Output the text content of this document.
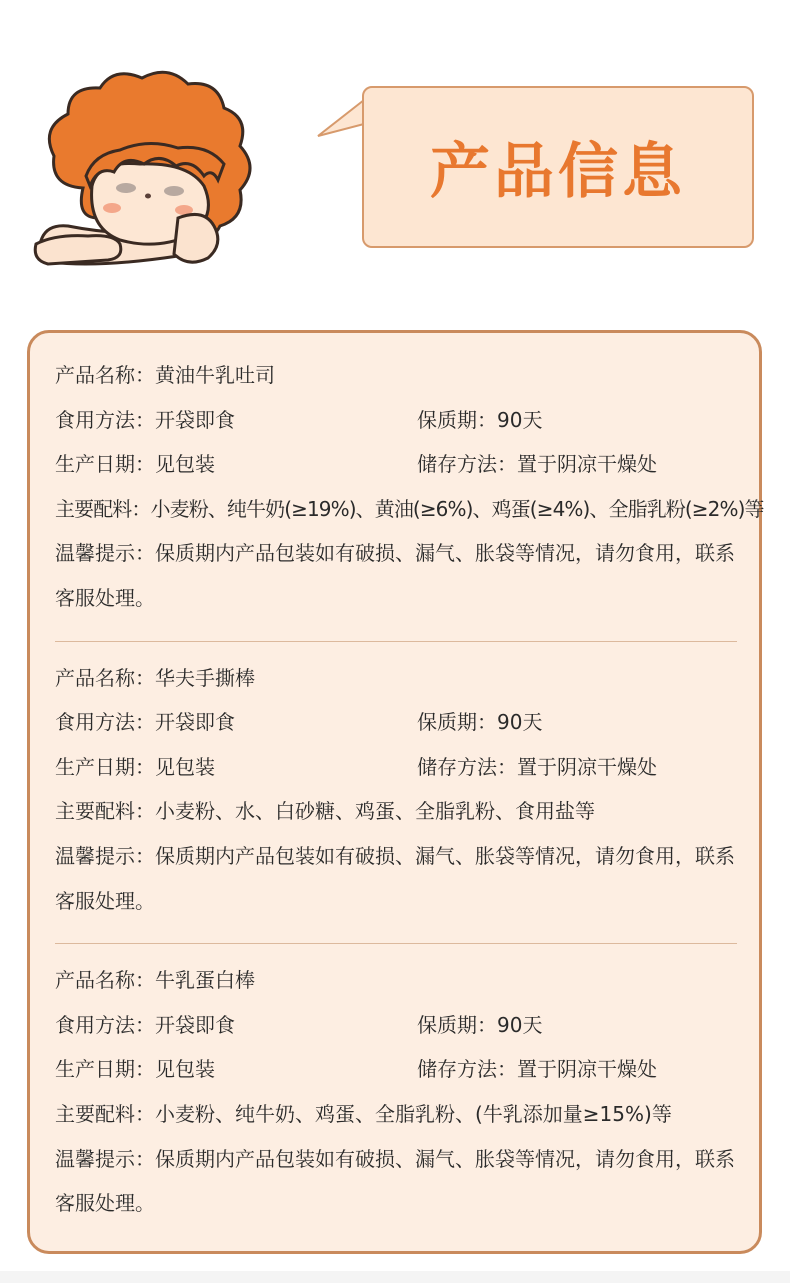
产品信息
产品名称：黄油牛乳吐司
食用方法：开袋即食	保质期：90天
生产日期：见包装	储存方法：置于阴凉干燥处
主要配料：小麦粉、纯牛奶(≥19%)、黄油(≥6%)、鸡蛋(≥4%)、全脂乳粉(≥2%)等
温馨提示：保质期内产品包装如有破损、漏气、胀袋等情况，请勿食用，联系客服处理。
产品名称：华夫手撕棒
食用方法：开袋即食	保质期：90天
生产日期：见包装	储存方法：置于阴凉干燥处
主要配料：小麦粉、水、白砂糖、鸡蛋、全脂乳粉、食用盐等
温馨提示：保质期内产品包装如有破损、漏气、胀袋等情况，请勿食用，联系客服处理。
产品名称：牛乳蛋白棒
食用方法：开袋即食	保质期：90天
生产日期：见包装	储存方法：置于阴凉干燥处
主要配料：小麦粉、纯牛奶、鸡蛋、全脂乳粉、(牛乳添加量≥15%)等
温馨提示：保质期内产品包装如有破损、漏气、胀袋等情况，请勿食用，联系客服处理。
